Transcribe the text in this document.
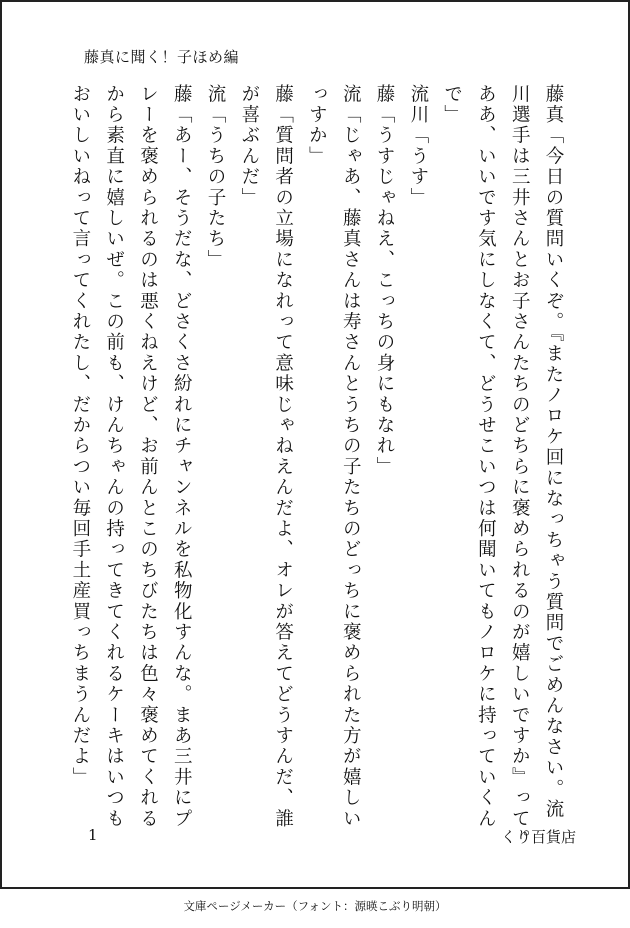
藤真に聞く！子ほめ編

藤真「今日の質問いくぞ。『またノロケ回になっちゃう質問でごめんなさい。流

川選手は三井さんとお子さんたちのどちらに褒められるのが嬉しいですか』って。

ああ、いいです気にしなくて、どうせこいつは何聞いてもノロケに持っていくん

で」

流川「うす」

藤「うすじゃねえ、こっちの身にもなれ」

流「じゃあ、藤真さんは寿さんとうちの子たちのどっちに褒められた方が嬉しい

っすか」

藤「質問者の立場になれって意味じゃねえんだよ、オレが答えてどうすんだ、誰

が喜ぶんだ」

流「うちの子たち」

藤「あー、そうだな、どさくさ紛れにチャンネルを私物化すんな。まあ三井にプ

レーを褒められるのは悪くねえけど、お前んとこのちびたちは色々褒めてくれる

から素直に嬉しいぜ。この前も、けんちゃんの持ってきてくれるケーキはいつも

おいしいねって言ってくれたし、だからつい毎回手土産買っちまうんだよ」

1	くり百貨店
文庫ページメーカー（フォント：源暎こぶり明朝）
